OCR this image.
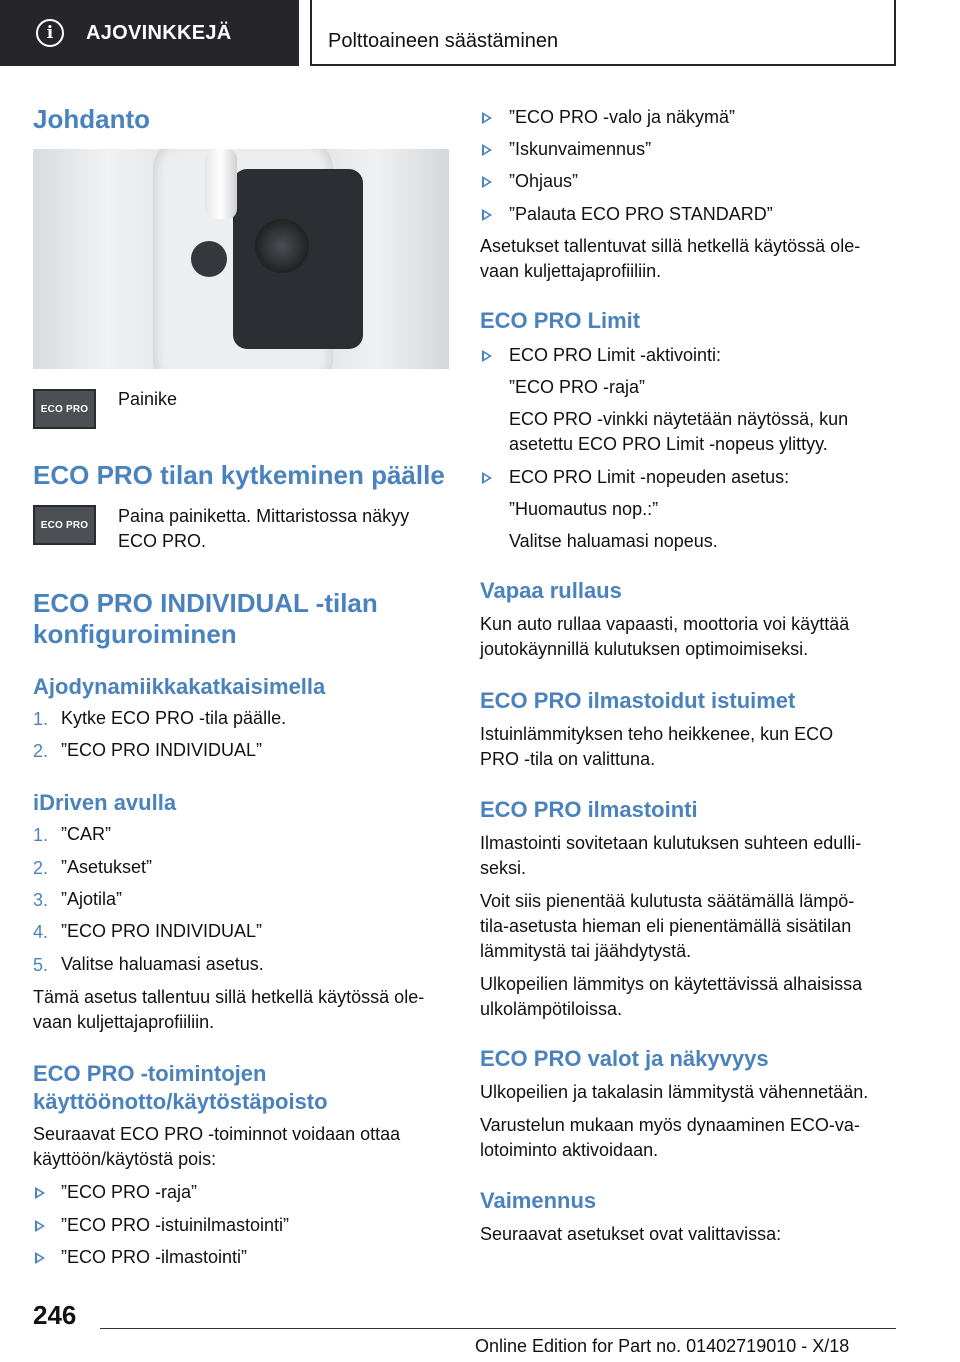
i	AJOVINKKEJÄ	Polttoaineen säästäminen
Johdanto
ECO PRO Painike
ECO PRO tilan kytkeminen päälle
ECO PRO Paina painiketta. Mittaristossa näkyy
ECO PRO.
ECO PRO INDIVIDUAL -tilan
konfiguroiminen
Ajodynamiikkakatkaisimella
1. Kytke ECO PRO -tila päälle.
2. ”ECO PRO INDIVIDUAL”
iDriven avulla
1. ”CAR”
2. ”Asetukset”
3. ”Ajotila”
4. ”ECO PRO INDIVIDUAL”
5. Valitse haluamasi asetus.
Tämä asetus tallentuu sillä hetkellä käytössä ole-
vaan kuljettajaprofiiliin.
ECO PRO -toimintojen
käyttöönotto/käytöstäpoisto
Seuraavat ECO PRO -toiminnot voidaan ottaa
käyttöön/käytöstä pois:
”ECO PRO -raja”
”ECO PRO -istuinilmastointi”
”ECO PRO -ilmastointi”
”ECO PRO -valo ja näkymä”
”Iskunvaimennus”
”Ohjaus”
”Palauta ECO PRO STANDARD”
Asetukset tallentuvat sillä hetkellä käytössä ole-
vaan kuljettajaprofiiliin.
ECO PRO Limit
ECO PRO Limit -aktivointi:
”ECO PRO -raja”
ECO PRO -vinkki näytetään näytössä, kun
asetettu ECO PRO Limit -nopeus ylittyy.
ECO PRO Limit -nopeuden asetus:
”Huomautus nop.:”
Valitse haluamasi nopeus.
Vapaa rullaus
Kun auto rullaa vapaasti, moottoria voi käyttää
joutokäynnillä kulutuksen optimoimiseksi.
ECO PRO ilmastoidut istuimet
Istuinlämmityksen teho heikkenee, kun ECO
PRO -tila on valittuna.
ECO PRO ilmastointi
Ilmastointi sovitetaan kulutuksen suhteen edulli-
seksi.
Voit siis pienentää kulutusta säätämällä lämpö-
tila-asetusta hieman eli pienentämällä sisätilan
lämmitystä tai jäähdytystä.
Ulkopeilien lämmitys on käytettävissä alhaisissa
ulkolämpötiloissa.
ECO PRO valot ja näkyvyys
Ulkopeilien ja takalasin lämmitystä vähennetään.
Varustelun mukaan myös dynaaminen ECO-va-
lotoiminto aktivoidaan.
Vaimennus
Seuraavat asetukset ovat valittavissa:
246
Online Edition for Part no. 01402719010 - X/18
